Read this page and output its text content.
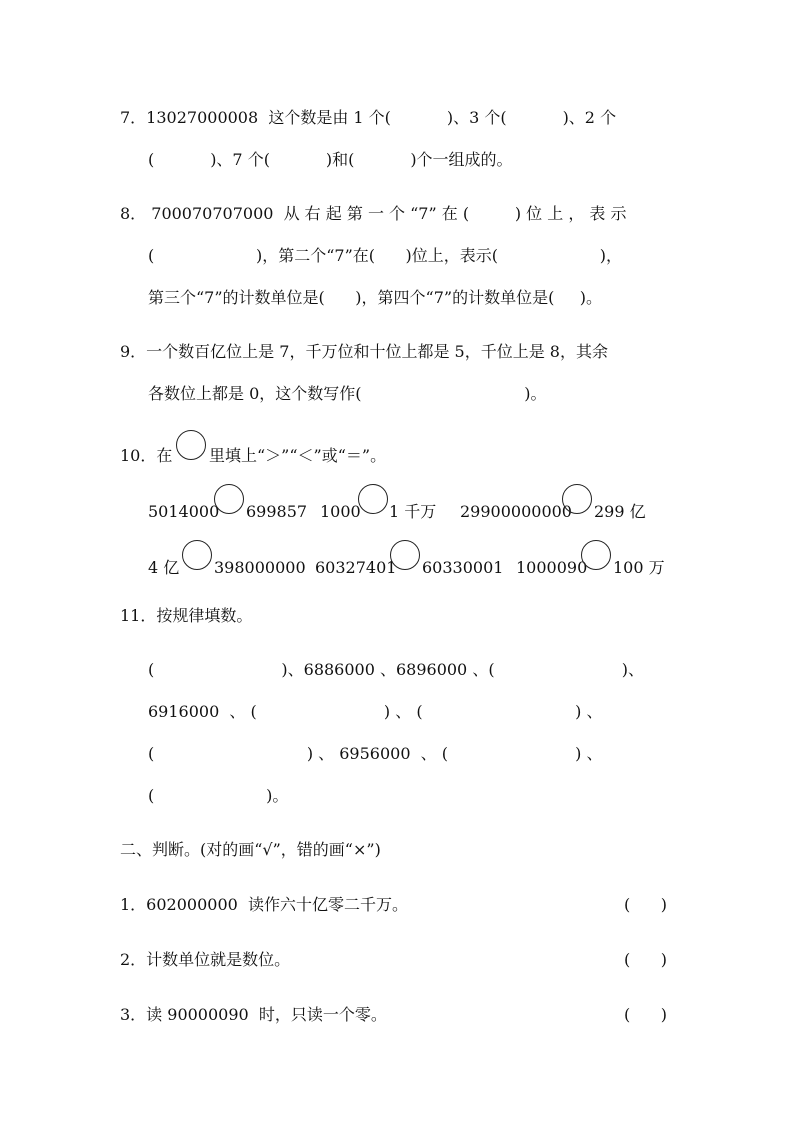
7．13027000008  这个数是由 1 个(           )、3 个(           )、2 个
(           )、7 个(           )和(           )个一组成的。
8． 700070707000  从 右 起 第 一 个 “7” 在 (         ) 位 上 ， 表 示
(                    )，第二个“7”在(      )位上，表示(                    )，
第三个“7”的计数单位是(      )，第四个“7”的计数单位是(     )。
9．一个数百亿位上是 7，千万位和十位上都是 5，千位上是 8，其余
各数位上都是 0，这个数写作(                                )。
10．在 里填上“＞”“＜”或“＝”。
5014000 699857 1000 1 千万 29900000000 299 亿
4 亿 398000000 60327401 60330001 1000090 100 万
11．按规律填数。
(                         )、6886000 、6896000 、(                         )、
6916000  、 (                         ) 、 (                              ) 、
(                              ) 、 6956000  、 (                         ) 、
(                      )。
二、判断。(对的画“√”，错的画“×”)
1．602000000  读作六十亿零二千万。	(      )
2．计数单位就是数位。	(      )
3．读 90000090  时，只读一个零。	(      )
